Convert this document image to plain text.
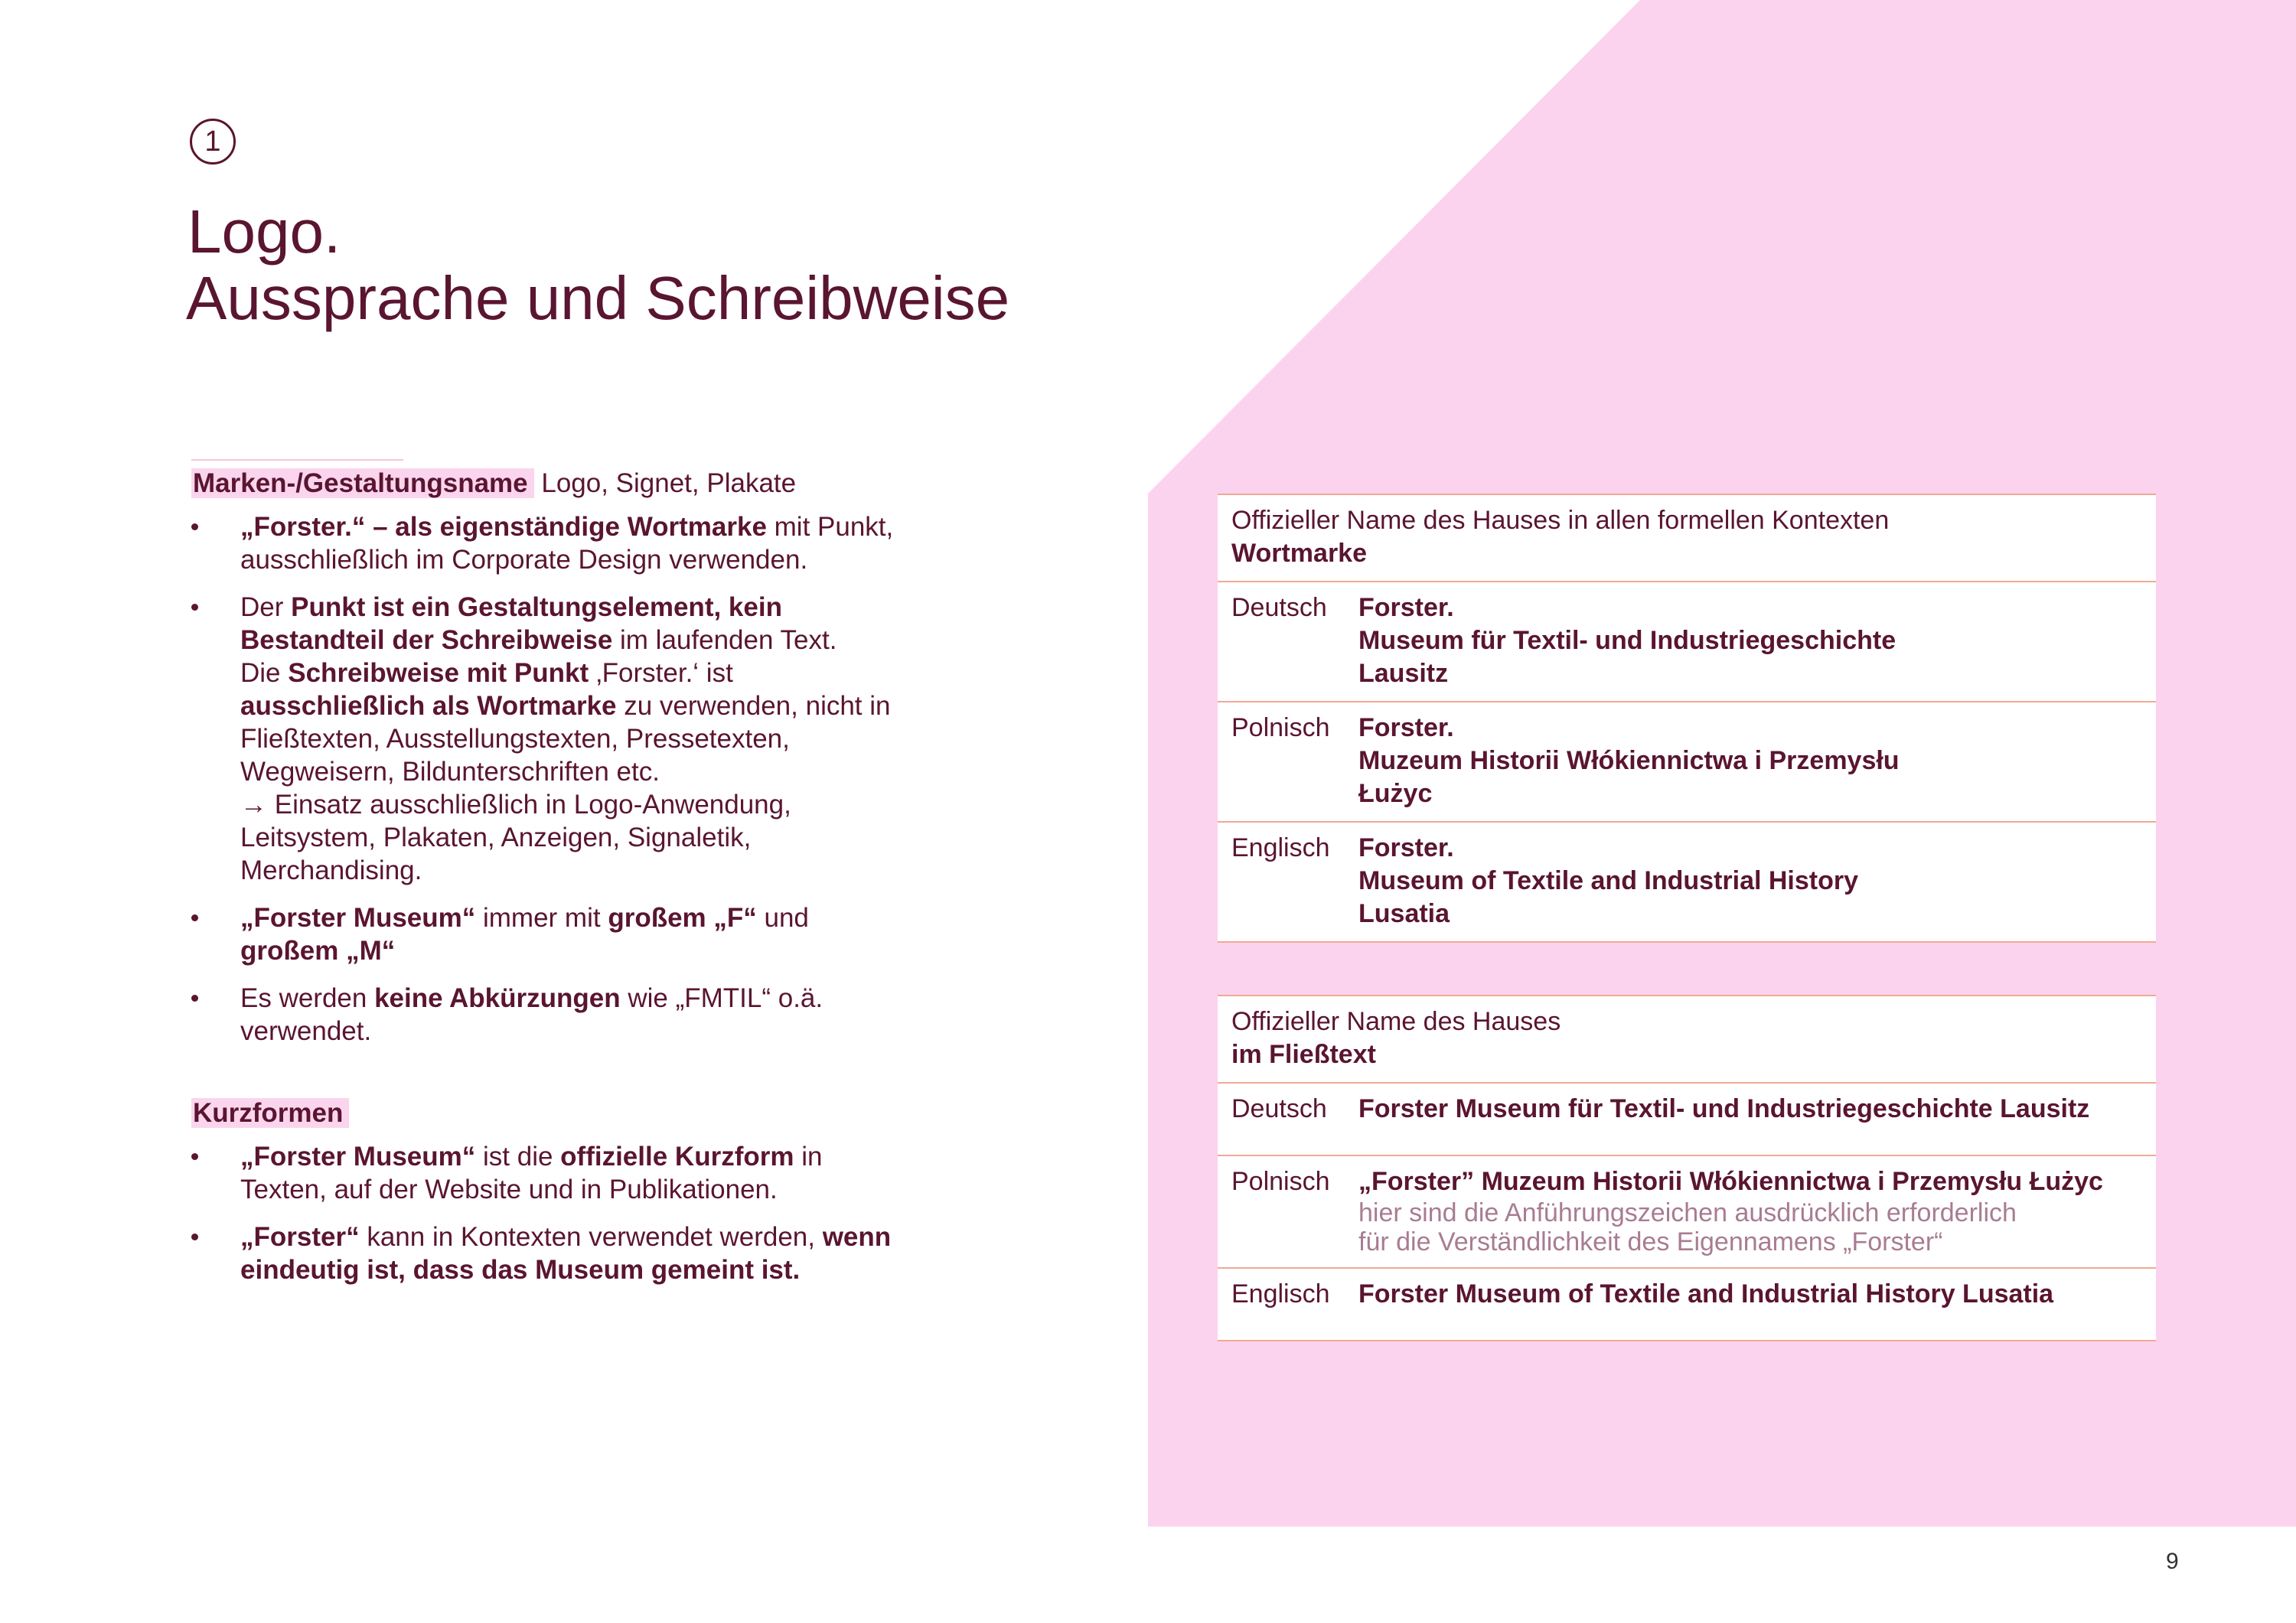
1
Logo.
Aussprache und Schreibweise
Marken-/Gestaltungsname Logo, Signet, Plakate
„Forster.“ – als eigenständige Wortmarke mit Punkt, ausschließlich im Corporate Design verwenden.
Der Punkt ist ein Gestaltungselement, kein Bestandteil der Schreibweise im laufenden Text.
Die Schreibweise mit Punkt ‚Forster.‘ ist ausschließlich als Wortmarke zu verwenden, nicht in Fließtexten, Ausstellungstexten, Pressetexten, Wegweisern, Bildunterschriften etc.
→ Einsatz ausschließlich in Logo-Anwendung, Leitsystem, Plakaten, Anzeigen, Signaletik, Merchandising.
„Forster Museum“ immer mit großem „F“ und großem „M“
Es werden keine Abkürzungen wie „FMTIL“ o.ä. verwendet.
Kurzformen
„Forster Museum“ ist die offizielle Kurzform in Texten, auf der Website und in Publikationen.
„Forster“ kann in Kontexten verwendet werden, wenn eindeutig ist, dass das Museum gemeint ist.
Offizieller Name des Hauses in allen formellen Kontexten
Wortmarke
Deutsch	Forster.
Museum für Textil- und Industriegeschichte
Lausitz
Polnisch	Forster.
Muzeum Historii Włókiennictwa i Przemysłu
Łużyc
Englisch	Forster.
Museum of Textile and Industrial History
Lusatia
Offizieller Name des Hauses
im Fließtext
Deutsch	Forster Museum für Textil- und Industriegeschichte Lausitz
Polnisch	„Forster” Muzeum Historii Włókiennictwa i Przemysłu Łużyc
hier sind die Anführungszeichen ausdrücklich erforderlich
für die Verständlichkeit des Eigennamens „Forster“
Englisch	Forster Museum of Textile and Industrial History Lusatia
9
